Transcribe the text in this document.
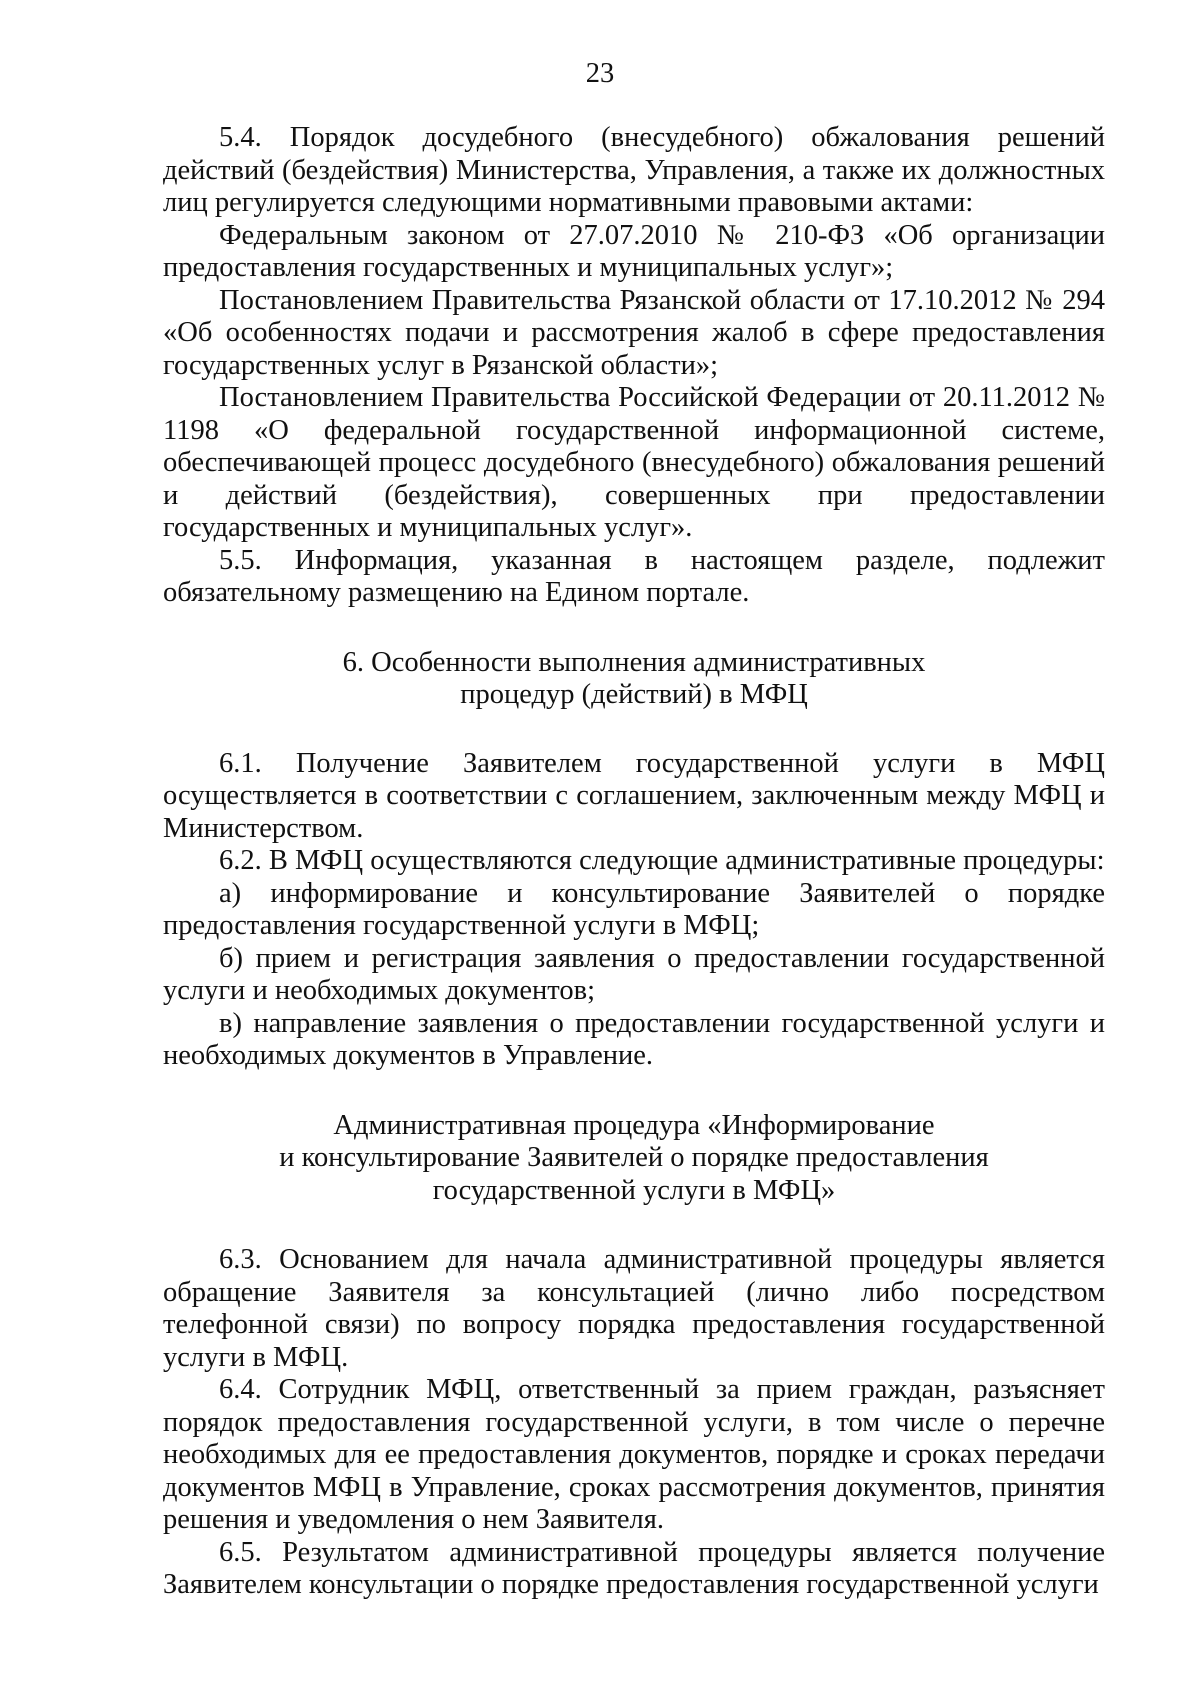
23

5.4. Порядок досудебного (внесудебного) обжалования решений действий (бездействия) Министерства, Управления, а также их должностных лиц регулируется следующими нормативными правовыми актами:

Федеральным законом от 27.07.2010 № 210-ФЗ «Об организации предоставления государственных и муниципальных услуг»;

Постановлением Правительства Рязанской области от 17.10.2012 № 294 «Об особенностях подачи и рассмотрения жалоб в сфере предоставления государственных услуг в Рязанской области»;

Постановлением Правительства Российской Федерации от 20.11.2012 № 1198 «О федеральной государственной информационной системе, обеспечивающей процесс досудебного (внесудебного) обжалования решений и действий (бездействия), совершенных при предоставлении государственных и муниципальных услуг».

5.5. Информация, указанная в настоящем разделе, подлежит обязательному размещению на Едином портале.

6. Особенности выполнения административных
процедур (действий) в МФЦ

6.1. Получение Заявителем государственной услуги в МФЦ осуществляется в соответствии с соглашением, заключенным между МФЦ и Министерством.

6.2. В МФЦ осуществляются следующие административные процедуры:

а) информирование и консультирование Заявителей о порядке предоставления государственной услуги в МФЦ;

б) прием и регистрация заявления о предоставлении государственной услуги и необходимых документов;

в) направление заявления о предоставлении государственной услуги и необходимых документов в Управление.

Административная процедура «Информирование
и консультирование Заявителей о порядке предоставления
государственной услуги в МФЦ»

6.3. Основанием для начала административной процедуры является обращение Заявителя за консультацией (лично либо посредством телефонной связи) по вопросу порядка предоставления государственной услуги в МФЦ.

6.4. Сотрудник МФЦ, ответственный за прием граждан, разъясняет порядок предоставления государственной услуги, в том числе о перечне необходимых для ее предоставления документов, порядке и сроках передачи документов МФЦ в Управление, сроках рассмотрения документов, принятия решения и уведомления о нем Заявителя.

6.5. Результатом административной процедуры является получение Заявителем консультации о порядке предоставления государственной услуги
